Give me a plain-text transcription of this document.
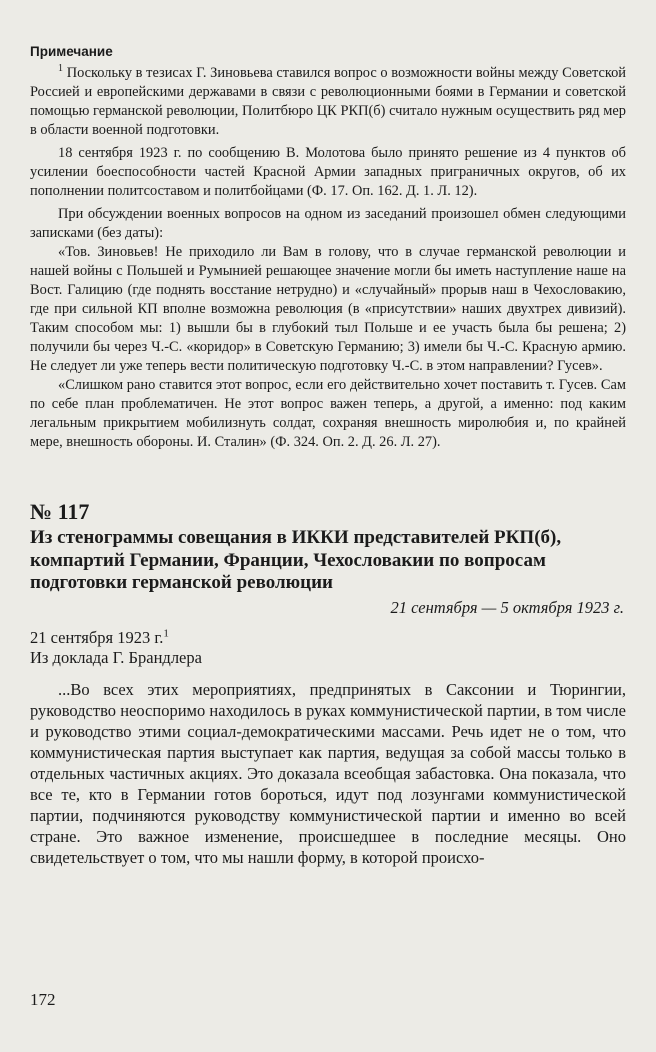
Примечание

$^1$ Поскольку в тезисах Г. Зиновьева ставился вопрос о возможности войны между Советской Россией и европейскими державами в связи с революционными боями в Германии и советской помощью германской революции, Политбюро ЦК РКП(б) считало нужным осуществить ряд мер в области военной подготовки.

18 сентября 1923 г. по сообщению В. Молотова было принято решение из 4 пунктов об усилении боеспособности частей Красной Армии западных приграничных округов, об их пополнении политсоставом и политбойцами (Ф. 17. Оп. 162. Д. 1. Л. 12).

При обсуждении военных вопросов на одном из заседаний произошел обмен следующими записками (без даты):

«Тов. Зиновьев! Не приходило ли Вам в голову, что в случае германской революции и нашей войны с Польшей и Румынией решающее значение могли бы иметь наступление наше на Вост. Галицию (где поднять восстание нетрудно) и «случайный» прорыв наш в Чехословакию, где при сильной КП вполне возможна революция (в «присутствии» наших двухтрех дивизий). Таким способом мы: 1) вышли бы в глубокий тыл Польше и ее участь была бы решена; 2) получили бы через Ч.-С. «коридор» в Советскую Германию; 3) имели бы Ч.-С. Красную армию. Не следует ли уже теперь вести политическую подготовку Ч.-С. в этом направлении? Гусев».

«Слишком рано ставится этот вопрос, если его действительно хочет поставить т. Гусев. Сам по себе план проблематичен. Не этот вопрос важен теперь, а другой, а именно: под каким легальным прикрытием мобилизнуть солдат, сохраняя внешность миролюбия и, по крайней мере, внешность обороны. И. Сталин» (Ф. 324. Оп. 2. Д. 26. Л. 27).

№ 117
Из стенограммы совещания в ИККИ представителей РКП(б), компартий Германии, Франции, Чехословакии по вопросам подготовки германской революции
21 сентября — 5 октября 1923 г.
21 сентября 1923 г.$^1$
Из доклада Г. Брандлера

...Во всех этих мероприятиях, предпринятых в Саксонии и Тюрингии, руководство неоспоримо находилось в руках коммунистической партии, в том числе и руководство этими социал-демократическими массами. Речь идет не о том, что коммунистическая партия выступает как партия, ведущая за собой массы только в отдельных частичных акциях. Это доказала всеобщая забастовка. Она показала, что все те, кто в Германии готов бороться, идут под лозунгами коммунистической партии, подчиняются руководству коммунистической партии и именно во всей стране. Это важное изменение, происшедшее в последние месяцы. Оно свидетельствует о том, что мы нашли форму, в которой происхо-

172
